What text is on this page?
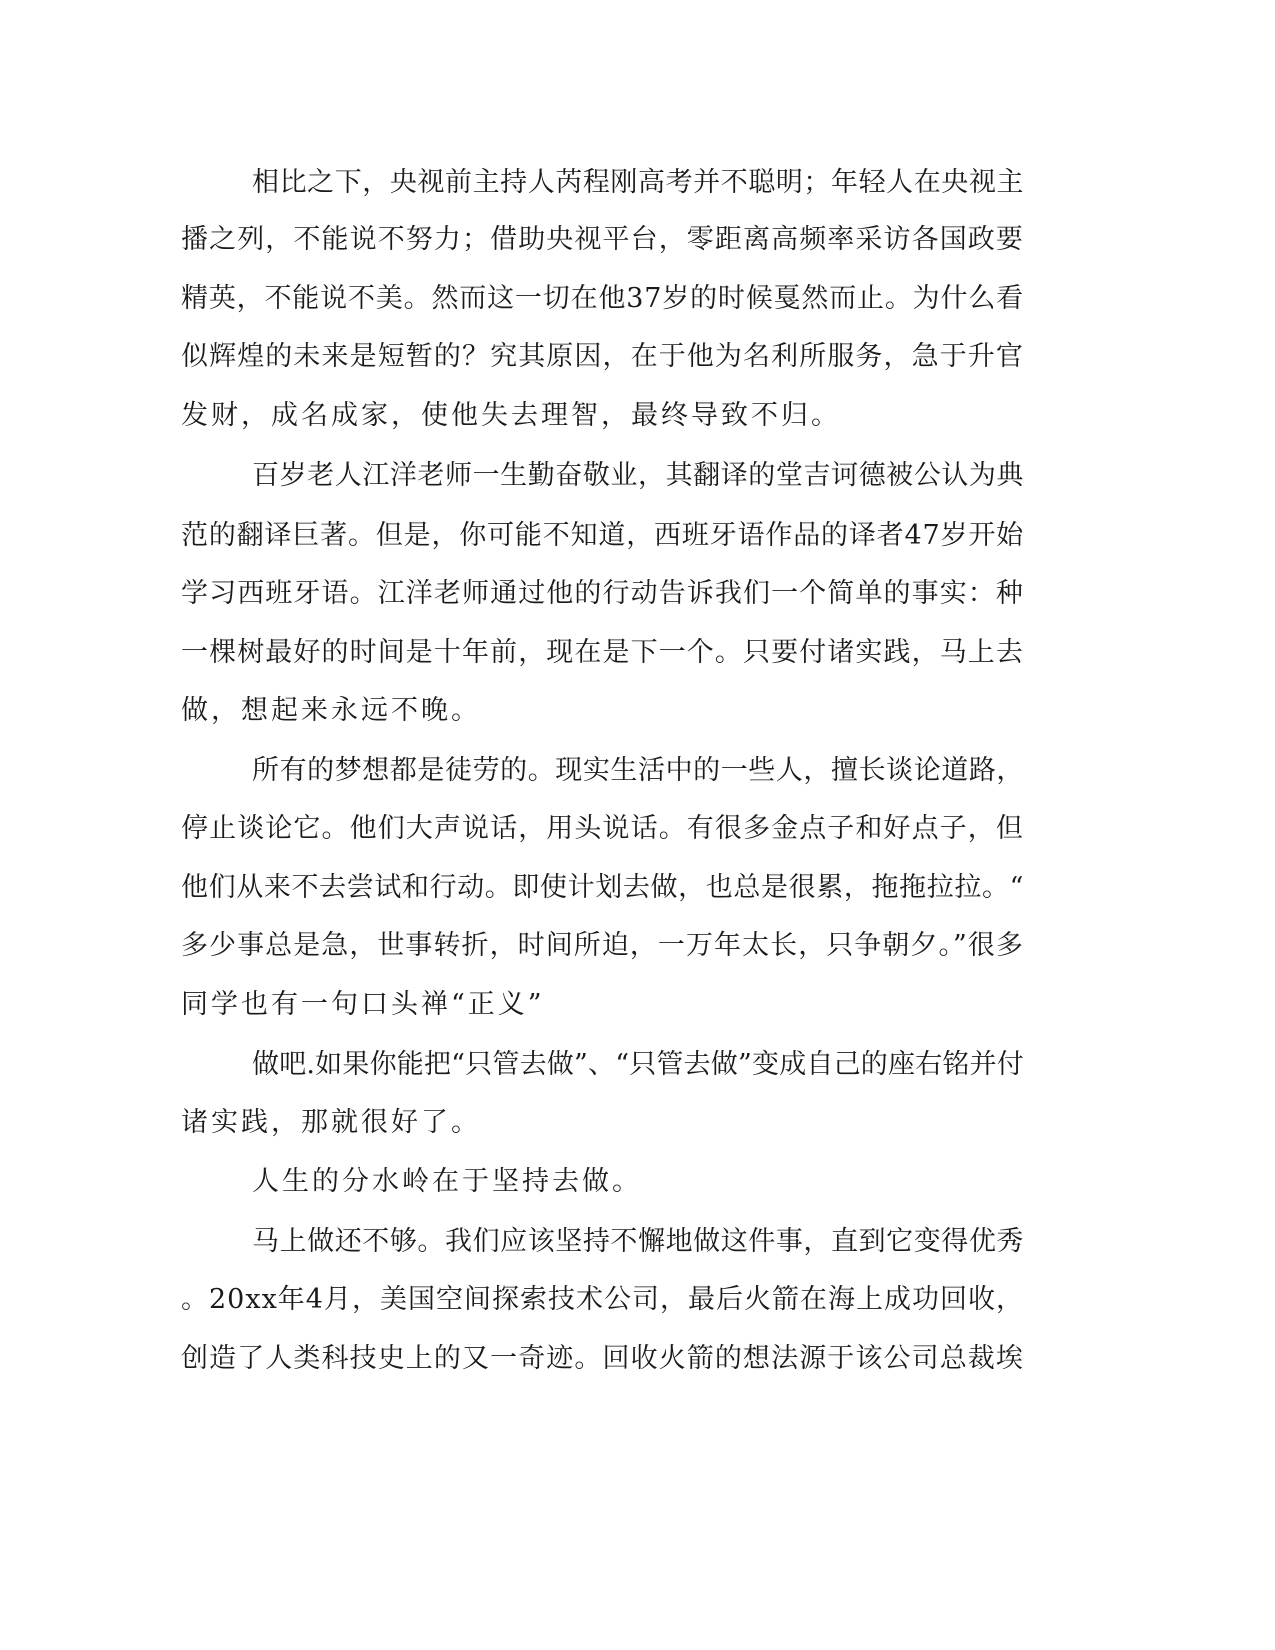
相比之下，央视前主持人芮程刚高考并不聪明；年轻人在央视主
播之列，不能说不努力；借助央视平台，零距离高频率采访各国政要
精英，不能说不美。然而这一切在他37岁的时候戛然而止。为什么看
似辉煌的未来是短暂的？究其原因，在于他为名利所服务，急于升官
发财，成名成家，使他失去理智，最终导致不归。
百岁老人江洋老师一生勤奋敬业，其翻译的堂吉诃德被公认为典
范的翻译巨著。但是，你可能不知道，西班牙语作品的译者47岁开始
学习西班牙语。江洋老师通过他的行动告诉我们一个简单的事实：种
一棵树最好的时间是十年前，现在是下一个。只要付诸实践，马上去
做，想起来永远不晚。
所有的梦想都是徒劳的。现实生活中的一些人，擅长谈论道路，
停止谈论它。他们大声说话，用头说话。有很多金点子和好点子，但
他们从来不去尝试和行动。即使计划去做，也总是很累，拖拖拉拉。“
多少事总是急，世事转折，时间所迫，一万年太长，只争朝夕。”很多
同学也有一句口头禅“正义”
做吧.如果你能把“只管去做”、“只管去做”变成自己的座右铭并付
诸实践，那就很好了。
人生的分水岭在于坚持去做。
马上做还不够。我们应该坚持不懈地做这件事，直到它变得优秀
。20xx年4月，美国空间探索技术公司，最后火箭在海上成功回收，
创造了人类科技史上的又一奇迹。回收火箭的想法源于该公司总裁埃
